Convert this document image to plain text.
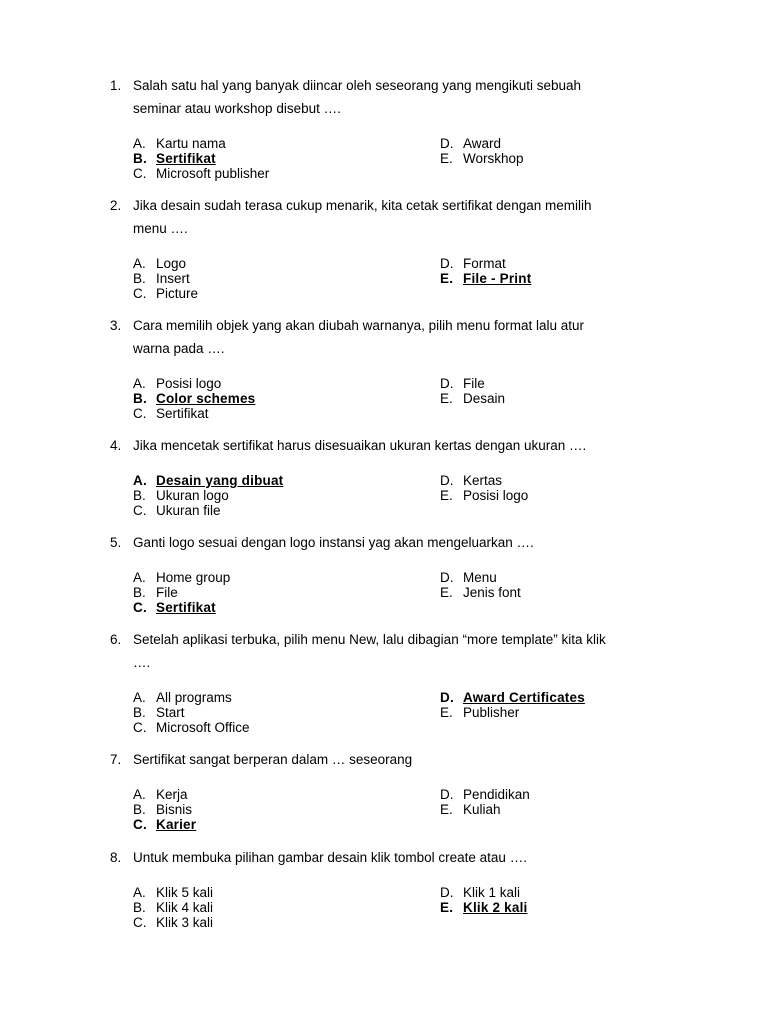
1. Salah satu hal yang banyak diincar oleh seseorang yang mengikuti sebuah
seminar atau workshop disebut ….
A. Kartu nama
B. Sertifikat
C. Microsoft publisher
D. Award
E. Worskhop
2. Jika desain sudah terasa cukup menarik, kita cetak sertifikat dengan memilih
menu ….
A. Logo
B. Insert
C. Picture
D. Format
E. File - Print
3. Cara memilih objek yang akan diubah warnanya, pilih menu format lalu atur
warna pada ….
A. Posisi logo
B. Color schemes
C. Sertifikat
D. File
E. Desain
4. Jika mencetak sertifikat harus disesuaikan ukuran kertas dengan ukuran ….
A. Desain yang dibuat
B. Ukuran logo
C. Ukuran file
D. Kertas
E. Posisi logo
5. Ganti logo sesuai dengan logo instansi yag akan mengeluarkan ….
A. Home group
B. File
C. Sertifikat
D. Menu
E. Jenis font
6. Setelah aplikasi terbuka, pilih menu New, lalu dibagian “more template” kita klik
….
A. All programs
B. Start
C. Microsoft Office
D. Award Certificates
E. Publisher
7. Sertifikat sangat berperan dalam … seseorang
A. Kerja
B. Bisnis
C. Karier
D. Pendidikan
E. Kuliah
8. Untuk membuka pilihan gambar desain klik tombol create atau ….
A. Klik 5 kali
B. Klik 4 kali
C. Klik 3 kali
D. Klik 1 kali
E. Klik 2 kali
